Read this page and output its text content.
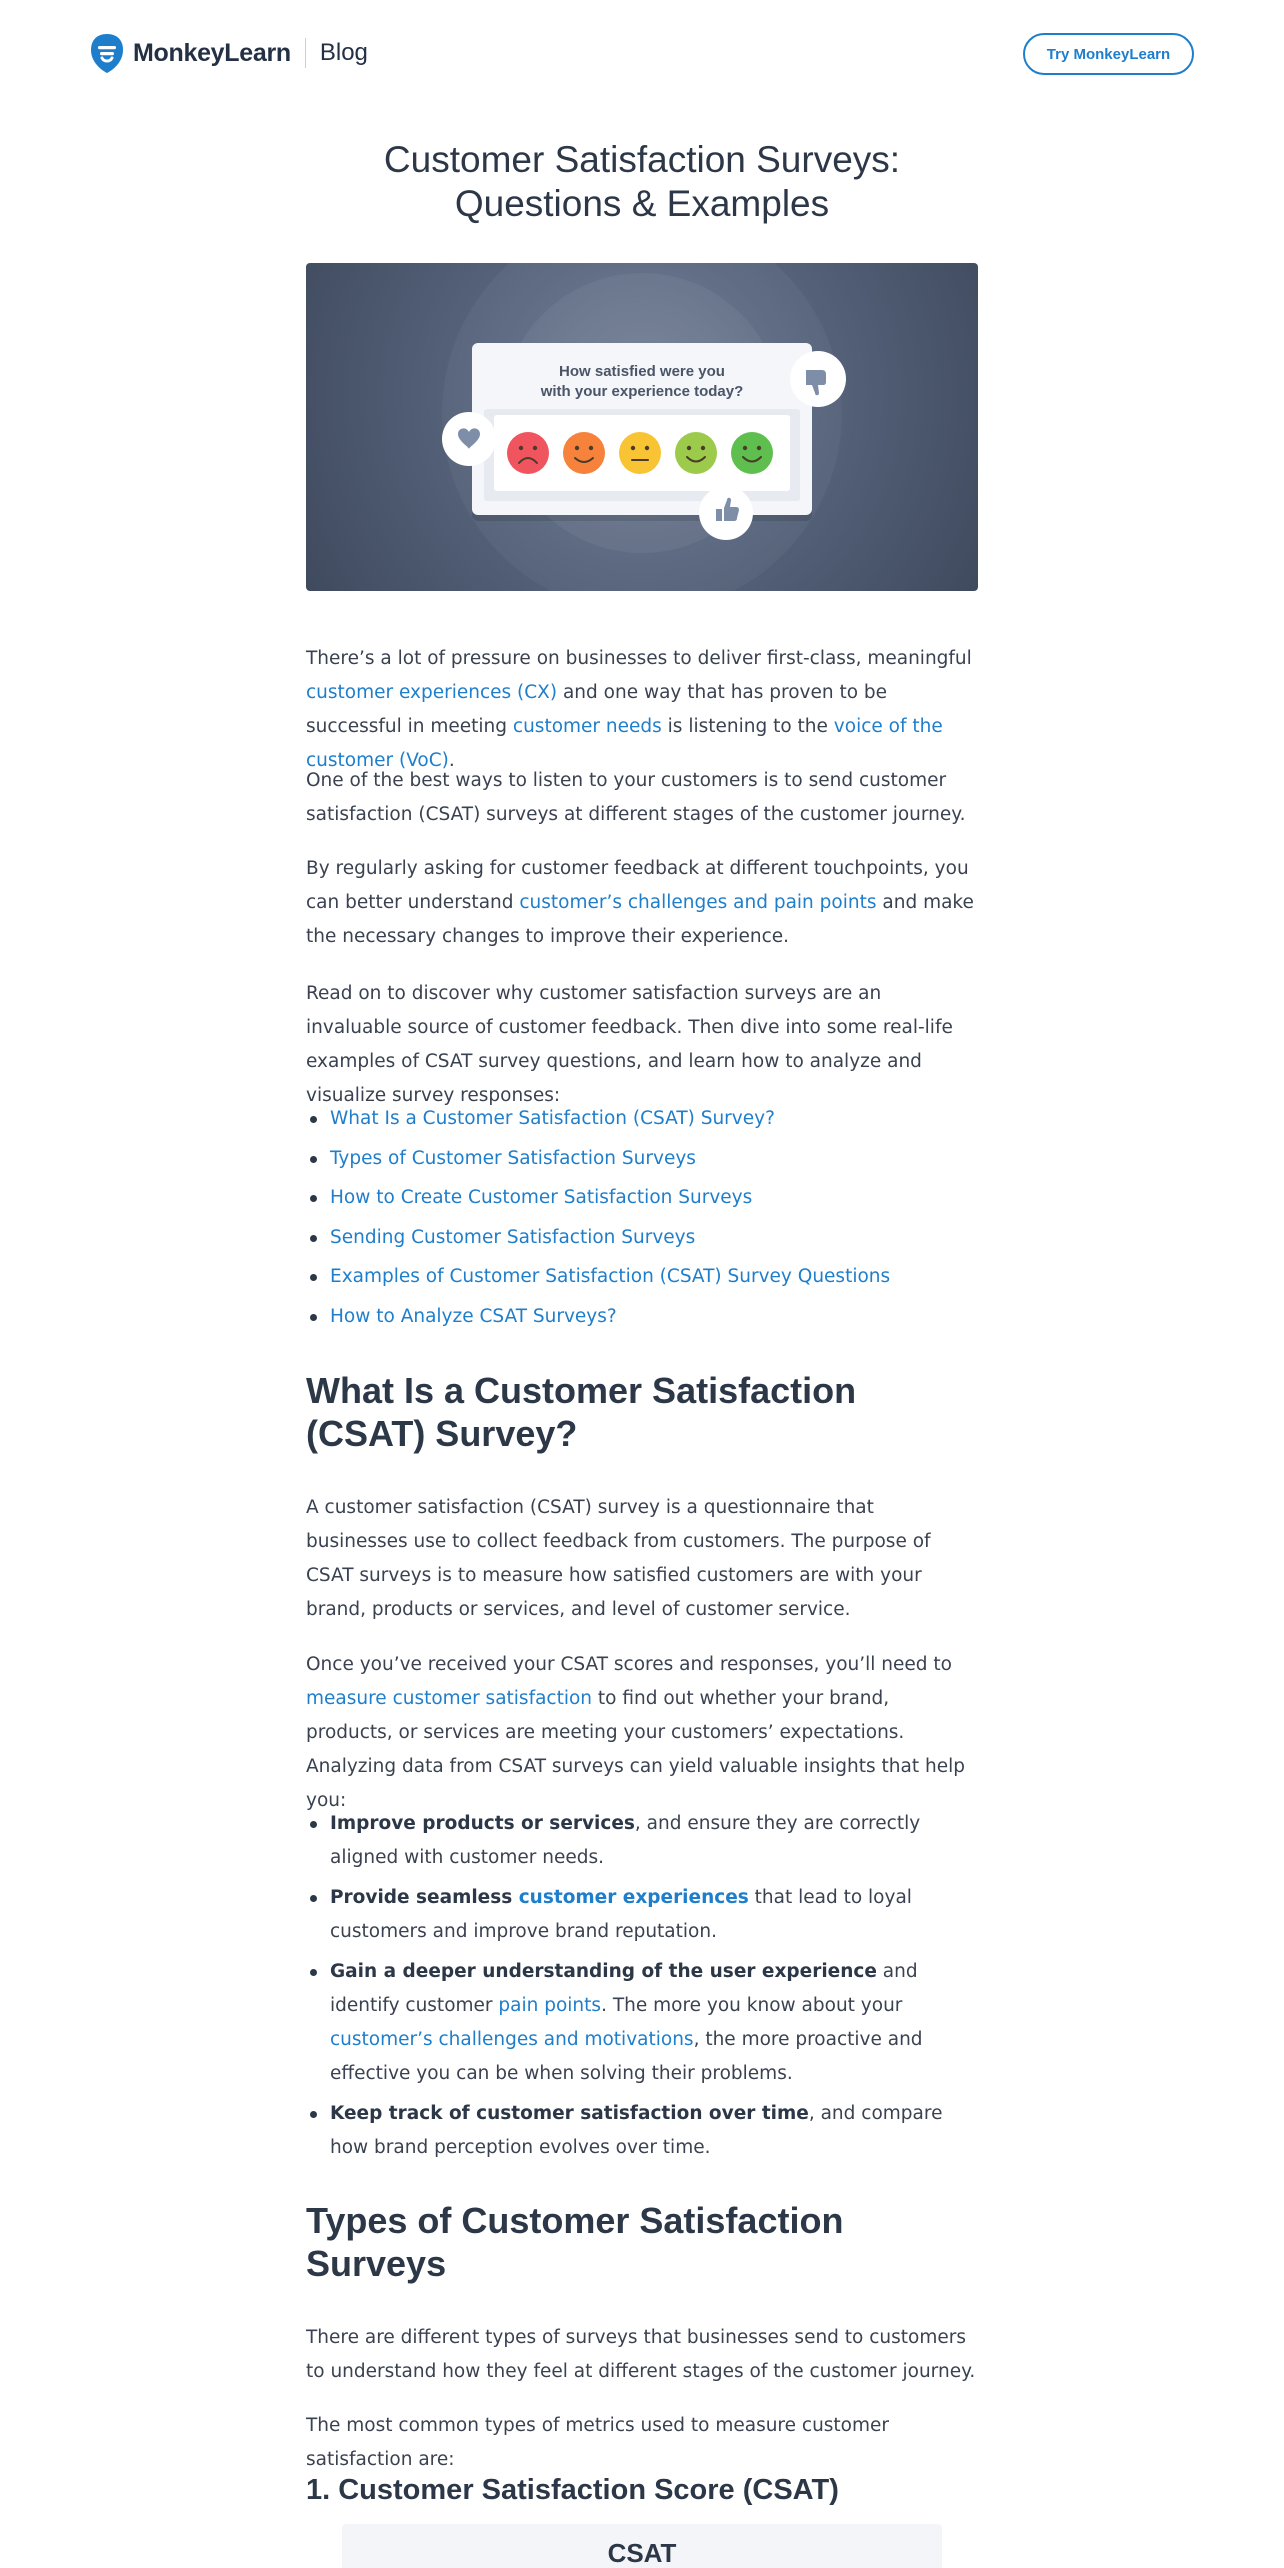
MonkeyLearn Blog	Try MonkeyLearn
Customer Satisfaction Surveys:
Questions & Examples
How satisfied were you
with your experience today?

There’s a lot of pressure on businesses to deliver first-class, meaningful customer experiences (CX) and one way that has proven to be successful in meeting customer needs is listening to the voice of the customer (VoC).

One of the best ways to listen to your customers is to send customer satisfaction (CSAT) surveys at different stages of the customer journey.

By regularly asking for customer feedback at different touchpoints, you can better understand customer’s challenges and pain points and make the necessary changes to improve their experience.

Read on to discover why customer satisfaction surveys are an invaluable source of customer feedback. Then dive into some real-life examples of CSAT survey questions, and learn how to analyze and visualize survey responses:

What Is a Customer Satisfaction (CSAT) Survey?
Types of Customer Satisfaction Surveys
How to Create Customer Satisfaction Surveys
Sending Customer Satisfaction Surveys
Examples of Customer Satisfaction (CSAT) Survey Questions
How to Analyze CSAT Surveys?
What Is a Customer Satisfaction
(CSAT) Survey?

A customer satisfaction (CSAT) survey is a questionnaire that businesses use to collect feedback from customers. The purpose of CSAT surveys is to measure how satisfied customers are with your brand, products or services, and level of customer service.

Once you’ve received your CSAT scores and responses, you’ll need to measure customer satisfaction to find out whether your brand, products, or services are meeting your customers’ expectations. Analyzing data from CSAT surveys can yield valuable insights that help you:

Improve products or services, and ensure they are correctly aligned with customer needs.
Provide seamless customer experiences that lead to loyal customers and improve brand reputation.
Gain a deeper understanding of the user experience and identify customer pain points. The more you know about your customer’s challenges and motivations, the more proactive and effective you can be when solving their problems.
Keep track of customer satisfaction over time, and compare how brand perception evolves over time.
Types of Customer Satisfaction
Surveys

There are different types of surveys that businesses send to customers to understand how they feel at different stages of the customer journey.

The most common types of metrics used to measure customer satisfaction are:

1. Customer Satisfaction Score (CSAT)
CSAT
